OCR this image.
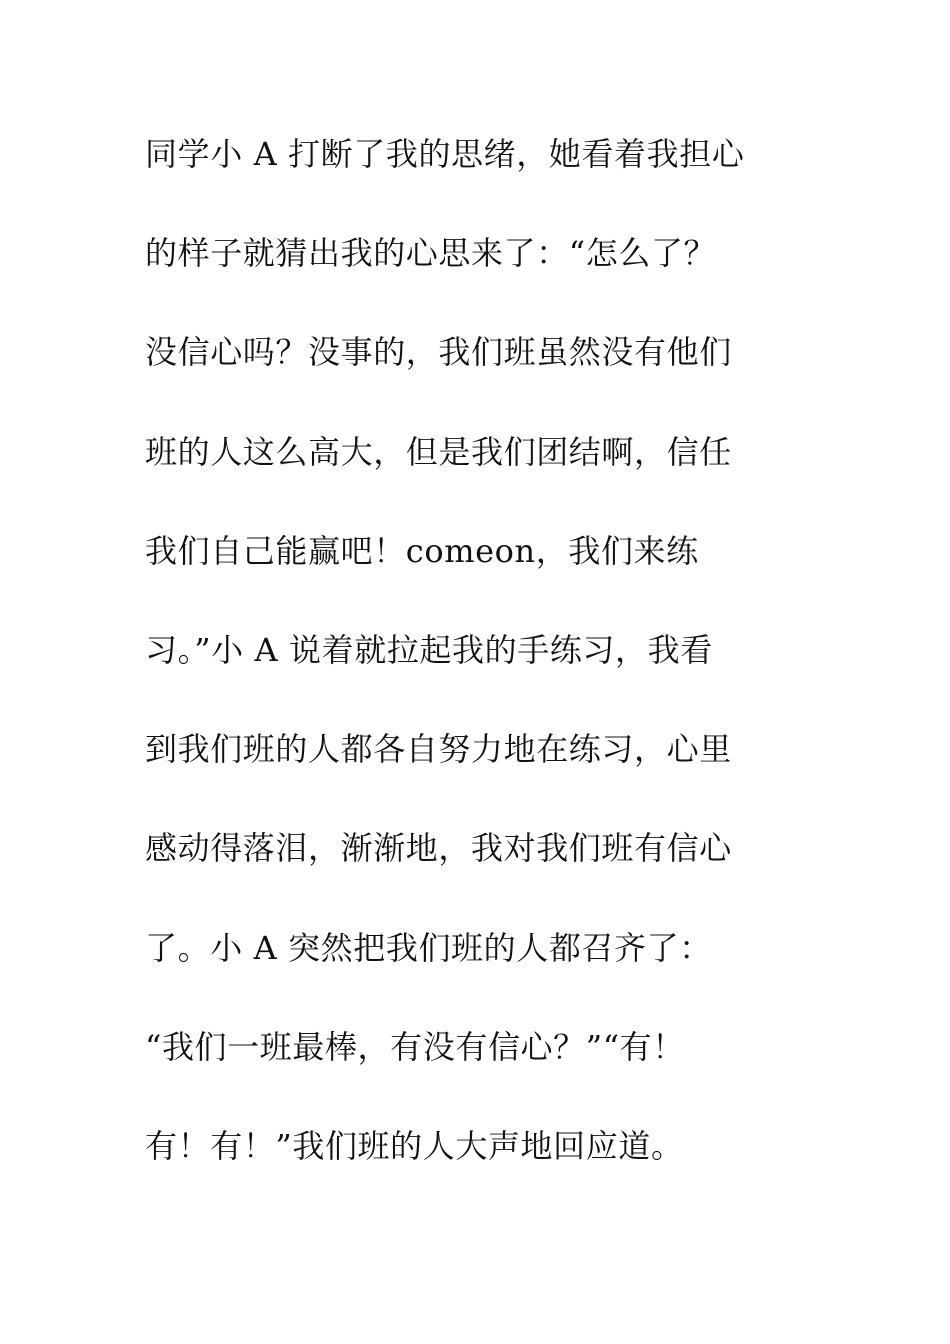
同学小 A 打断了我的思绪，她看着我担心
的样子就猜出我的心思来了：“怎么了？
没信心吗？没事的，我们班虽然没有他们
班的人这么高大，但是我们团结啊，信任
我们自己能赢吧！comeon，我们来练
习。”小 A 说着就拉起我的手练习，我看
到我们班的人都各自努力地在练习，心里
感动得落泪，渐渐地，我对我们班有信心
了。小 A 突然把我们班的人都召齐了：
“我们一班最棒，有没有信心？”“有！
有！有！”我们班的人大声地回应道。
